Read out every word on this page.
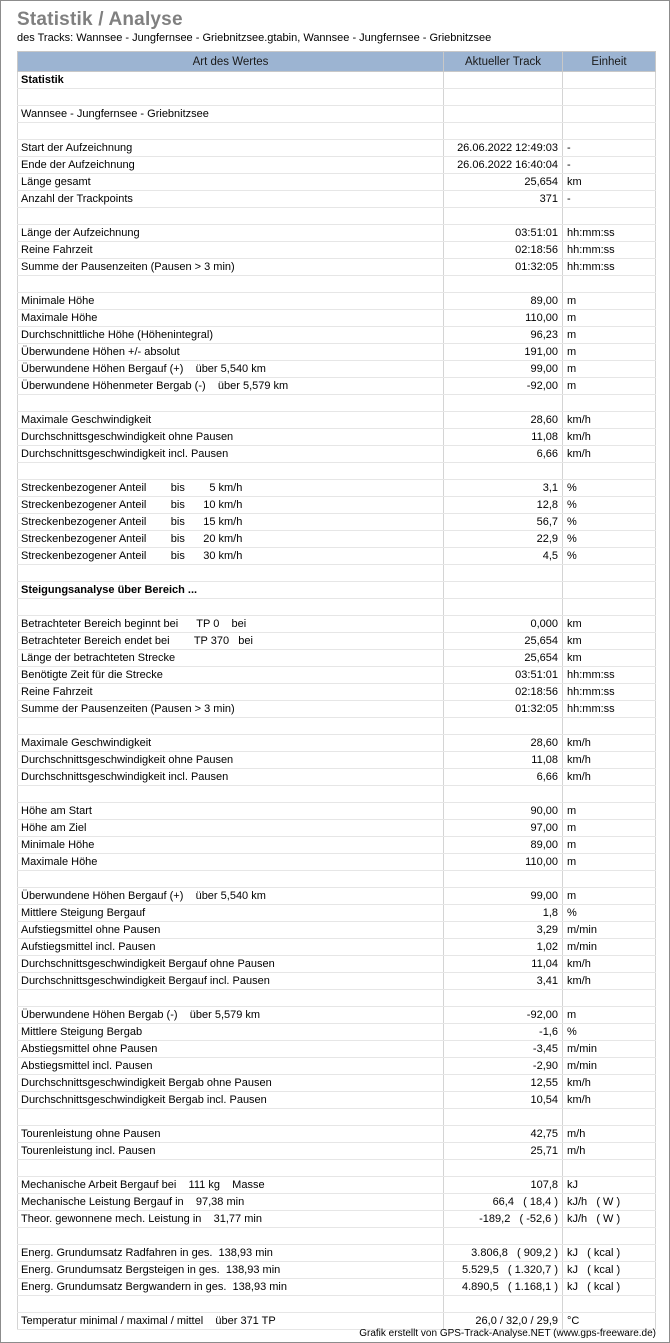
Statistik / Analyse
des Tracks: Wannsee - Jungfernsee - Griebnitzsee.gtabin, Wannsee - Jungfernsee - Griebnitzsee
Art des Wertes	Aktueller Track	Einheit
Statistik		

Wannsee - Jungfernsee - Griebnitzsee		

Start der Aufzeichnung	26.06.2022 12:49:03	-
Ende der Aufzeichnung	26.06.2022 16:40:04	-
Länge gesamt	25,654	km
Anzahl der Trackpoints	371	-

Länge der Aufzeichnung	03:51:01	hh:mm:ss
Reine Fahrzeit	02:18:56	hh:mm:ss
Summe der Pausenzeiten (Pausen > 3 min)	01:32:05	hh:mm:ss

Minimale Höhe	89,00	m
Maximale Höhe	110,00	m
Durchschnittliche Höhe (Höhenintegral)	96,23	m
Überwundene Höhen +/- absolut	191,00	m
Überwundene Höhen Bergauf (+)    über 5,540 km	99,00	m
Überwundene Höhenmeter Bergab (-)    über 5,579 km	-92,00	m

Maximale Geschwindigkeit	28,60	km/h
Durchschnittsgeschwindigkeit ohne Pausen	11,08	km/h
Durchschnittsgeschwindigkeit incl. Pausen	6,66	km/h

Streckenbezogener Anteil        bis        5 km/h	3,1	%
Streckenbezogener Anteil        bis      10 km/h	12,8	%
Streckenbezogener Anteil        bis      15 km/h	56,7	%
Streckenbezogener Anteil        bis      20 km/h	22,9	%
Streckenbezogener Anteil        bis      30 km/h	4,5	%

Steigungsanalyse über Bereich ...		

Betrachteter Bereich beginnt bei      TP 0    bei	0,000	km
Betrachteter Bereich endet bei        TP 370   bei	25,654	km
Länge der betrachteten Strecke	25,654	km
Benötigte Zeit für die Strecke	03:51:01	hh:mm:ss
Reine Fahrzeit	02:18:56	hh:mm:ss
Summe der Pausenzeiten (Pausen > 3 min)	01:32:05	hh:mm:ss

Maximale Geschwindigkeit	28,60	km/h
Durchschnittsgeschwindigkeit ohne Pausen	11,08	km/h
Durchschnittsgeschwindigkeit incl. Pausen	6,66	km/h

Höhe am Start	90,00	m
Höhe am Ziel	97,00	m
Minimale Höhe	89,00	m
Maximale Höhe	110,00	m

Überwundene Höhen Bergauf (+)    über 5,540 km	99,00	m
Mittlere Steigung Bergauf	1,8	%
Aufstiegsmittel ohne Pausen	3,29	m/min
Aufstiegsmittel incl. Pausen	1,02	m/min
Durchschnittsgeschwindigkeit Bergauf ohne Pausen	11,04	km/h
Durchschnittsgeschwindigkeit Bergauf incl. Pausen	3,41	km/h

Überwundene Höhen Bergab (-)    über 5,579 km	-92,00	m
Mittlere Steigung Bergab	-1,6	%
Abstiegsmittel ohne Pausen	-3,45	m/min
Abstiegsmittel incl. Pausen	-2,90	m/min
Durchschnittsgeschwindigkeit Bergab ohne Pausen	12,55	km/h
Durchschnittsgeschwindigkeit Bergab incl. Pausen	10,54	km/h

Tourenleistung ohne Pausen	42,75	m/h
Tourenleistung incl. Pausen	25,71	m/h

Mechanische Arbeit Bergauf bei    111 kg    Masse	107,8	kJ
Mechanische Leistung Bergauf in    97,38 min	66,4   ( 18,4 )	kJ/h   ( W )
Theor. gewonnene mech. Leistung in    31,77 min	-189,2   ( -52,6 )	kJ/h   ( W )

Energ. Grundumsatz Radfahren in ges.  138,93 min	3.806,8   ( 909,2 )	kJ   ( kcal )
Energ. Grundumsatz Bergsteigen in ges.  138,93 min	5.529,5   ( 1.320,7 )	kJ   ( kcal )
Energ. Grundumsatz Bergwandern in ges.  138,93 min	4.890,5   ( 1.168,1 )	kJ   ( kcal )

Temperatur minimal / maximal / mittel    über 371 TP	26,0 / 32,0 / 29,9	°C
Grafik erstellt von GPS-Track-Analyse.NET (www.gps-freeware.de)
